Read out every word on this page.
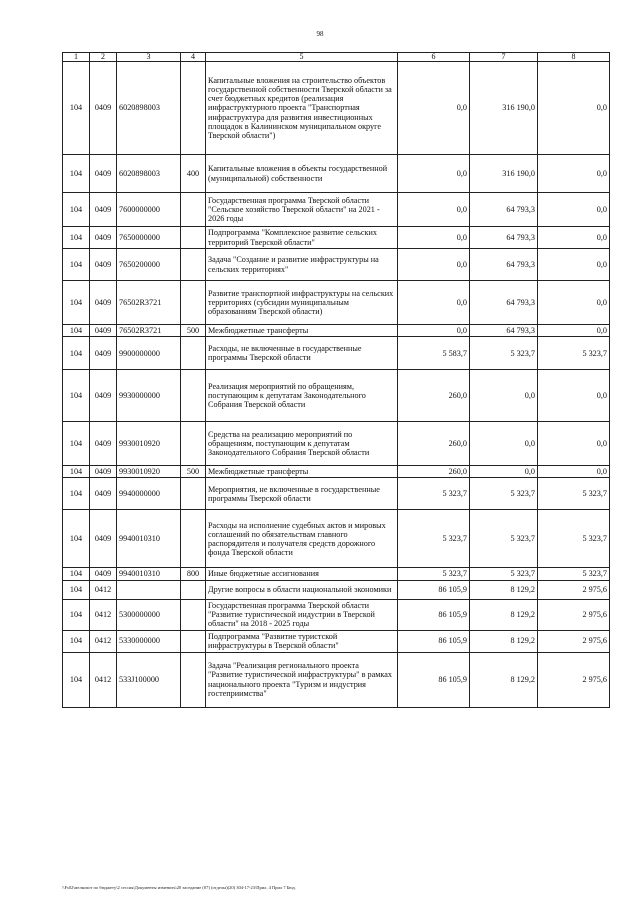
98
1	2	3	4	5	6	7	8
104	0409	6020898003		Капитальные вложения на строительство объектов государственной собственности Тверской области за счет бюджетных кредитов (реализация инфраструктурного проекта "Транспортная инфраструктура для развития инвестиционных площадок в Калининском муниципальном округе Тверской области")	0,0	316 190,0	0,0
104	0409	6020898003	400	Капитальные вложения в объекты государственной (муниципальной) собственности	0,0	316 190,0	0,0
104	0409	7600000000		Государственная программа Тверской области "Сельское хозяйство Тверской области" на 2021 - 2026 годы	0,0	64 793,3	0,0
104	0409	7650000000		Подпрограмма "Комплексное развитие сельских территорий Тверской области"	0,0	64 793,3	0,0
104	0409	7650200000		Задача "Создание и развитие инфраструктуры на сельских территориях"	0,0	64 793,3	0,0
104	0409	76502R3721		Развитие транспортной инфраструктуры на сельских территориях (субсидии муниципальным образованиям Тверской области)	0,0	64 793,3	0,0
104	0409	76502R3721	500	Межбюджетные трансферты	0,0	64 793,3	0,0
104	0409	9900000000		Расходы, не включенные в государственные программы Тверской области	5 583,7	5 323,7	5 323,7
104	0409	9930000000		Реализация мероприятий по обращениям, поступающим к депутатам Законодательного Собрания Тверской области	260,0	0,0	0,0
104	0409	9930010920		Средства на реализацию мероприятий по обращениям, поступающим к депутатам Законодательного Собрания Тверской области	260,0	0,0	0,0
104	0409	9930010920	500	Межбюджетные трансферты	260,0	0,0	0,0
104	0409	9940000000		Мероприятия, не включенные в государственные программы Тверской области	5 323,7	5 323,7	5 323,7
104	0409	9940010310		Расходы на исполнение судебных актов и мировых соглашений по обязательствам главного распорядителя и получателя средств дорожного фонда Тверской области	5 323,7	5 323,7	5 323,7
104	0409	9940010310	800	Иные бюджетные ассигнования	5 323,7	5 323,7	5 323,7
104	0412			Другие вопросы в области национальной экономики	86 105,9	8 129,2	2 975,6
104	0412	5300000000		Государственная программа Тверской области "Развитие туристической индустрии в Тверской области" на 2018 - 2025 годы	86 105,9	8 129,2	2 975,6
104	0412	5330000000		Подпрограмма "Развитие туристской инфраструктуры в Тверской области"	86 105,9	8 129,2	2 975,6
104	0412	533J100000		Задача "Реализация регионального проекта "Развитие туристической инфраструктуры" в рамках национального проекта "Туризм и индустрия гостеприимства"	86 105,9	8 129,2	2 975,6
\\Fs02\мелкопот по бюджету\2 сессия\Документы изменить\20 заседание (07) (отделы)(20) 304-17-23\Прил. 4 Прил 7 Бюд.
